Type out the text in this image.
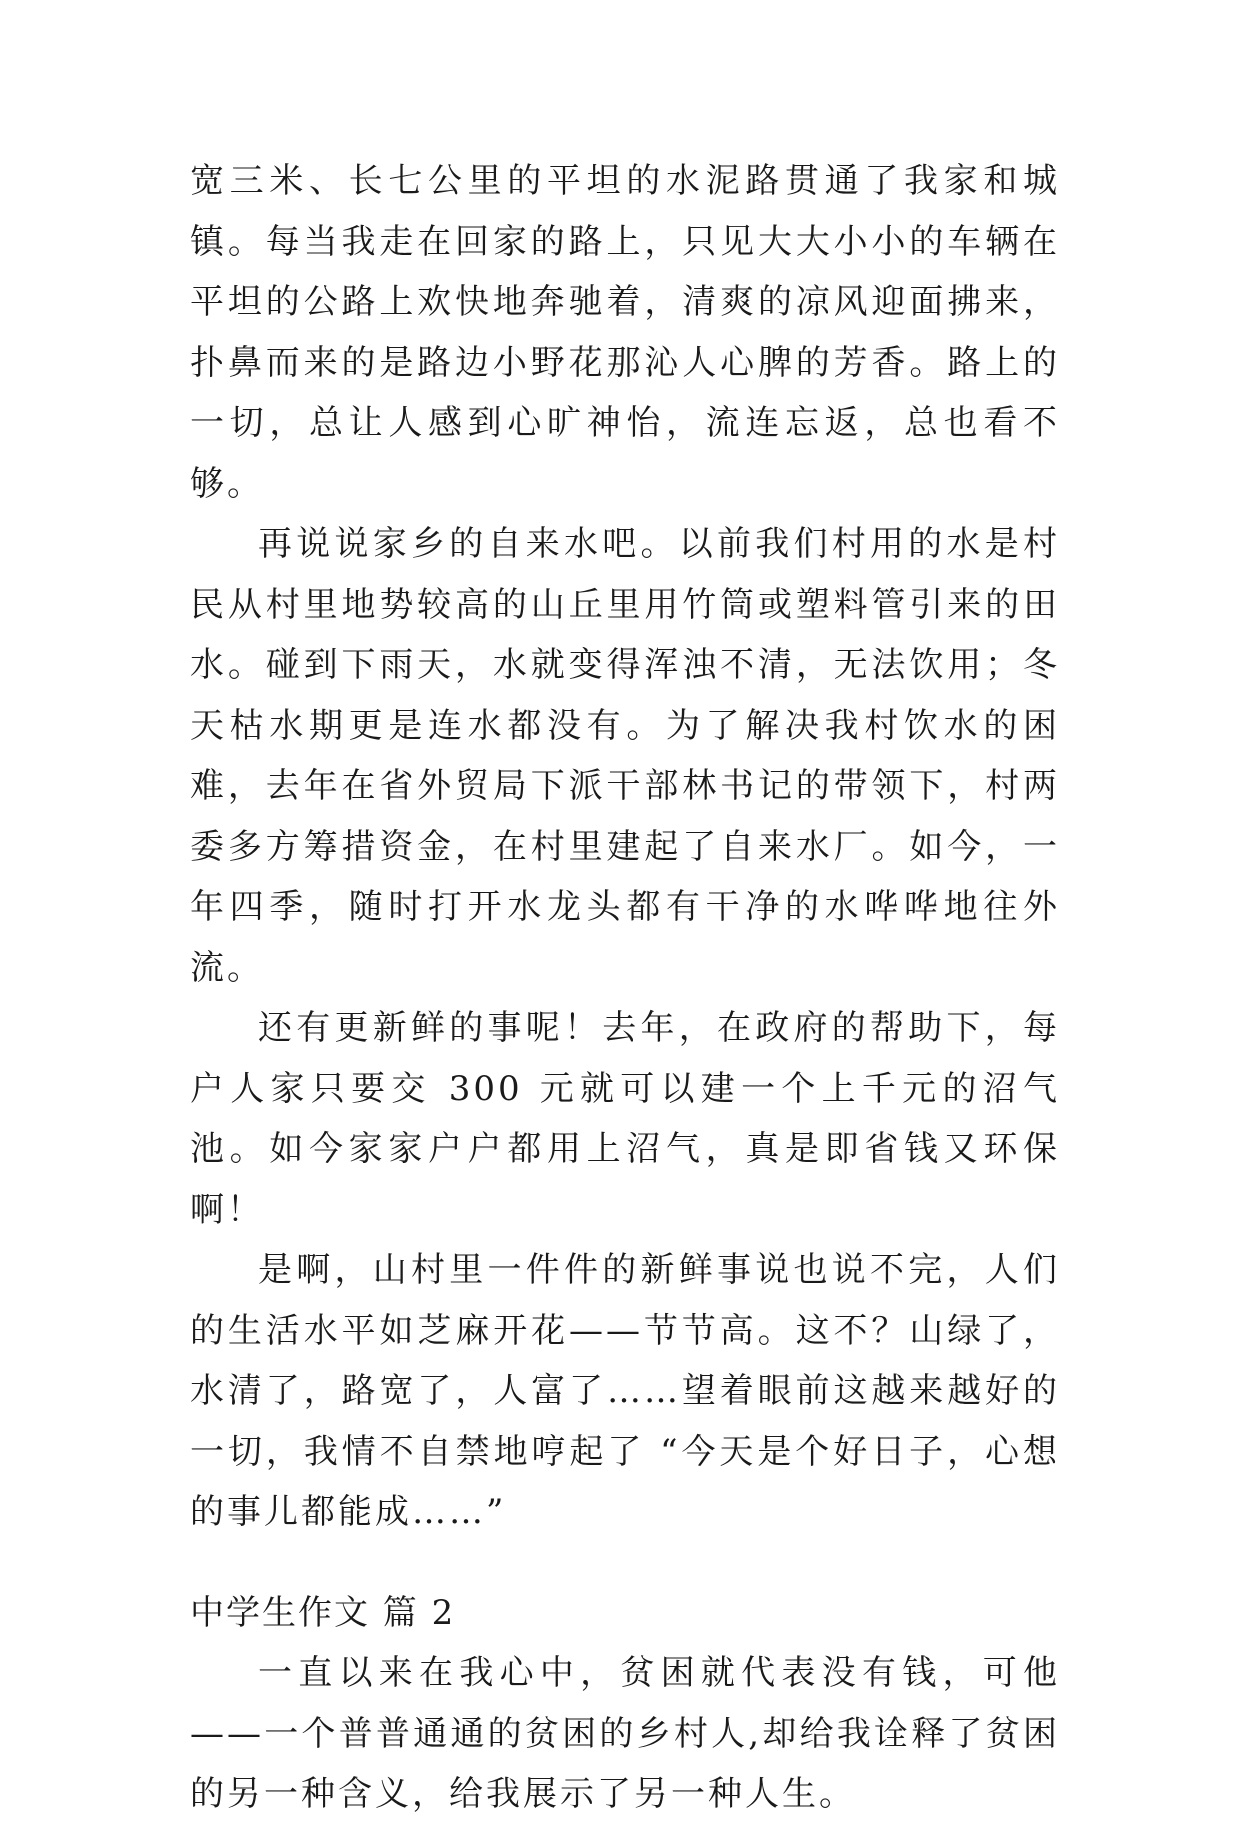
宽三米、长七公里的平坦的水泥路贯通了我家和城镇。每当我走在回家的路上，只见大大小小的车辆在平坦的公路上欢快地奔驰着，清爽的凉风迎面拂来，扑鼻而来的是路边小野花那沁人心脾的芳香。路上的一切，总让人感到心旷神怡，流连忘返，总也看不够。

再说说家乡的自来水吧。以前我们村用的水是村民从村里地势较高的山丘里用竹筒或塑料管引来的田水。碰到下雨天，水就变得浑浊不清，无法饮用；冬天枯水期更是连水都没有。为了解决我村饮水的困难，去年在省外贸局下派干部林书记的带领下，村两委多方筹措资金，在村里建起了自来水厂。如今，一年四季，随时打开水龙头都有干净的水哗哗地往外流。

还有更新鲜的事呢！去年，在政府的帮助下，每户人家只要交 300 元就可以建一个上千元的沼气池。如今家家户户都用上沼气，真是即省钱又环保啊！

是啊，山村里一件件的新鲜事说也说不完，人们的生活水平如芝麻开花——节节高。这不？山绿了，水清了，路宽了，人富了……望着眼前这越来越好的一切，我情不自禁地哼起了 “今天是个好日子，心想的事儿都能成……”

中学生作文 篇 2

一直以来在我心中，贫困就代表没有钱，可他——一个普普通通的贫困的乡村人,却给我诠释了贫困的另一种含义，给我展示了另一种人生。
